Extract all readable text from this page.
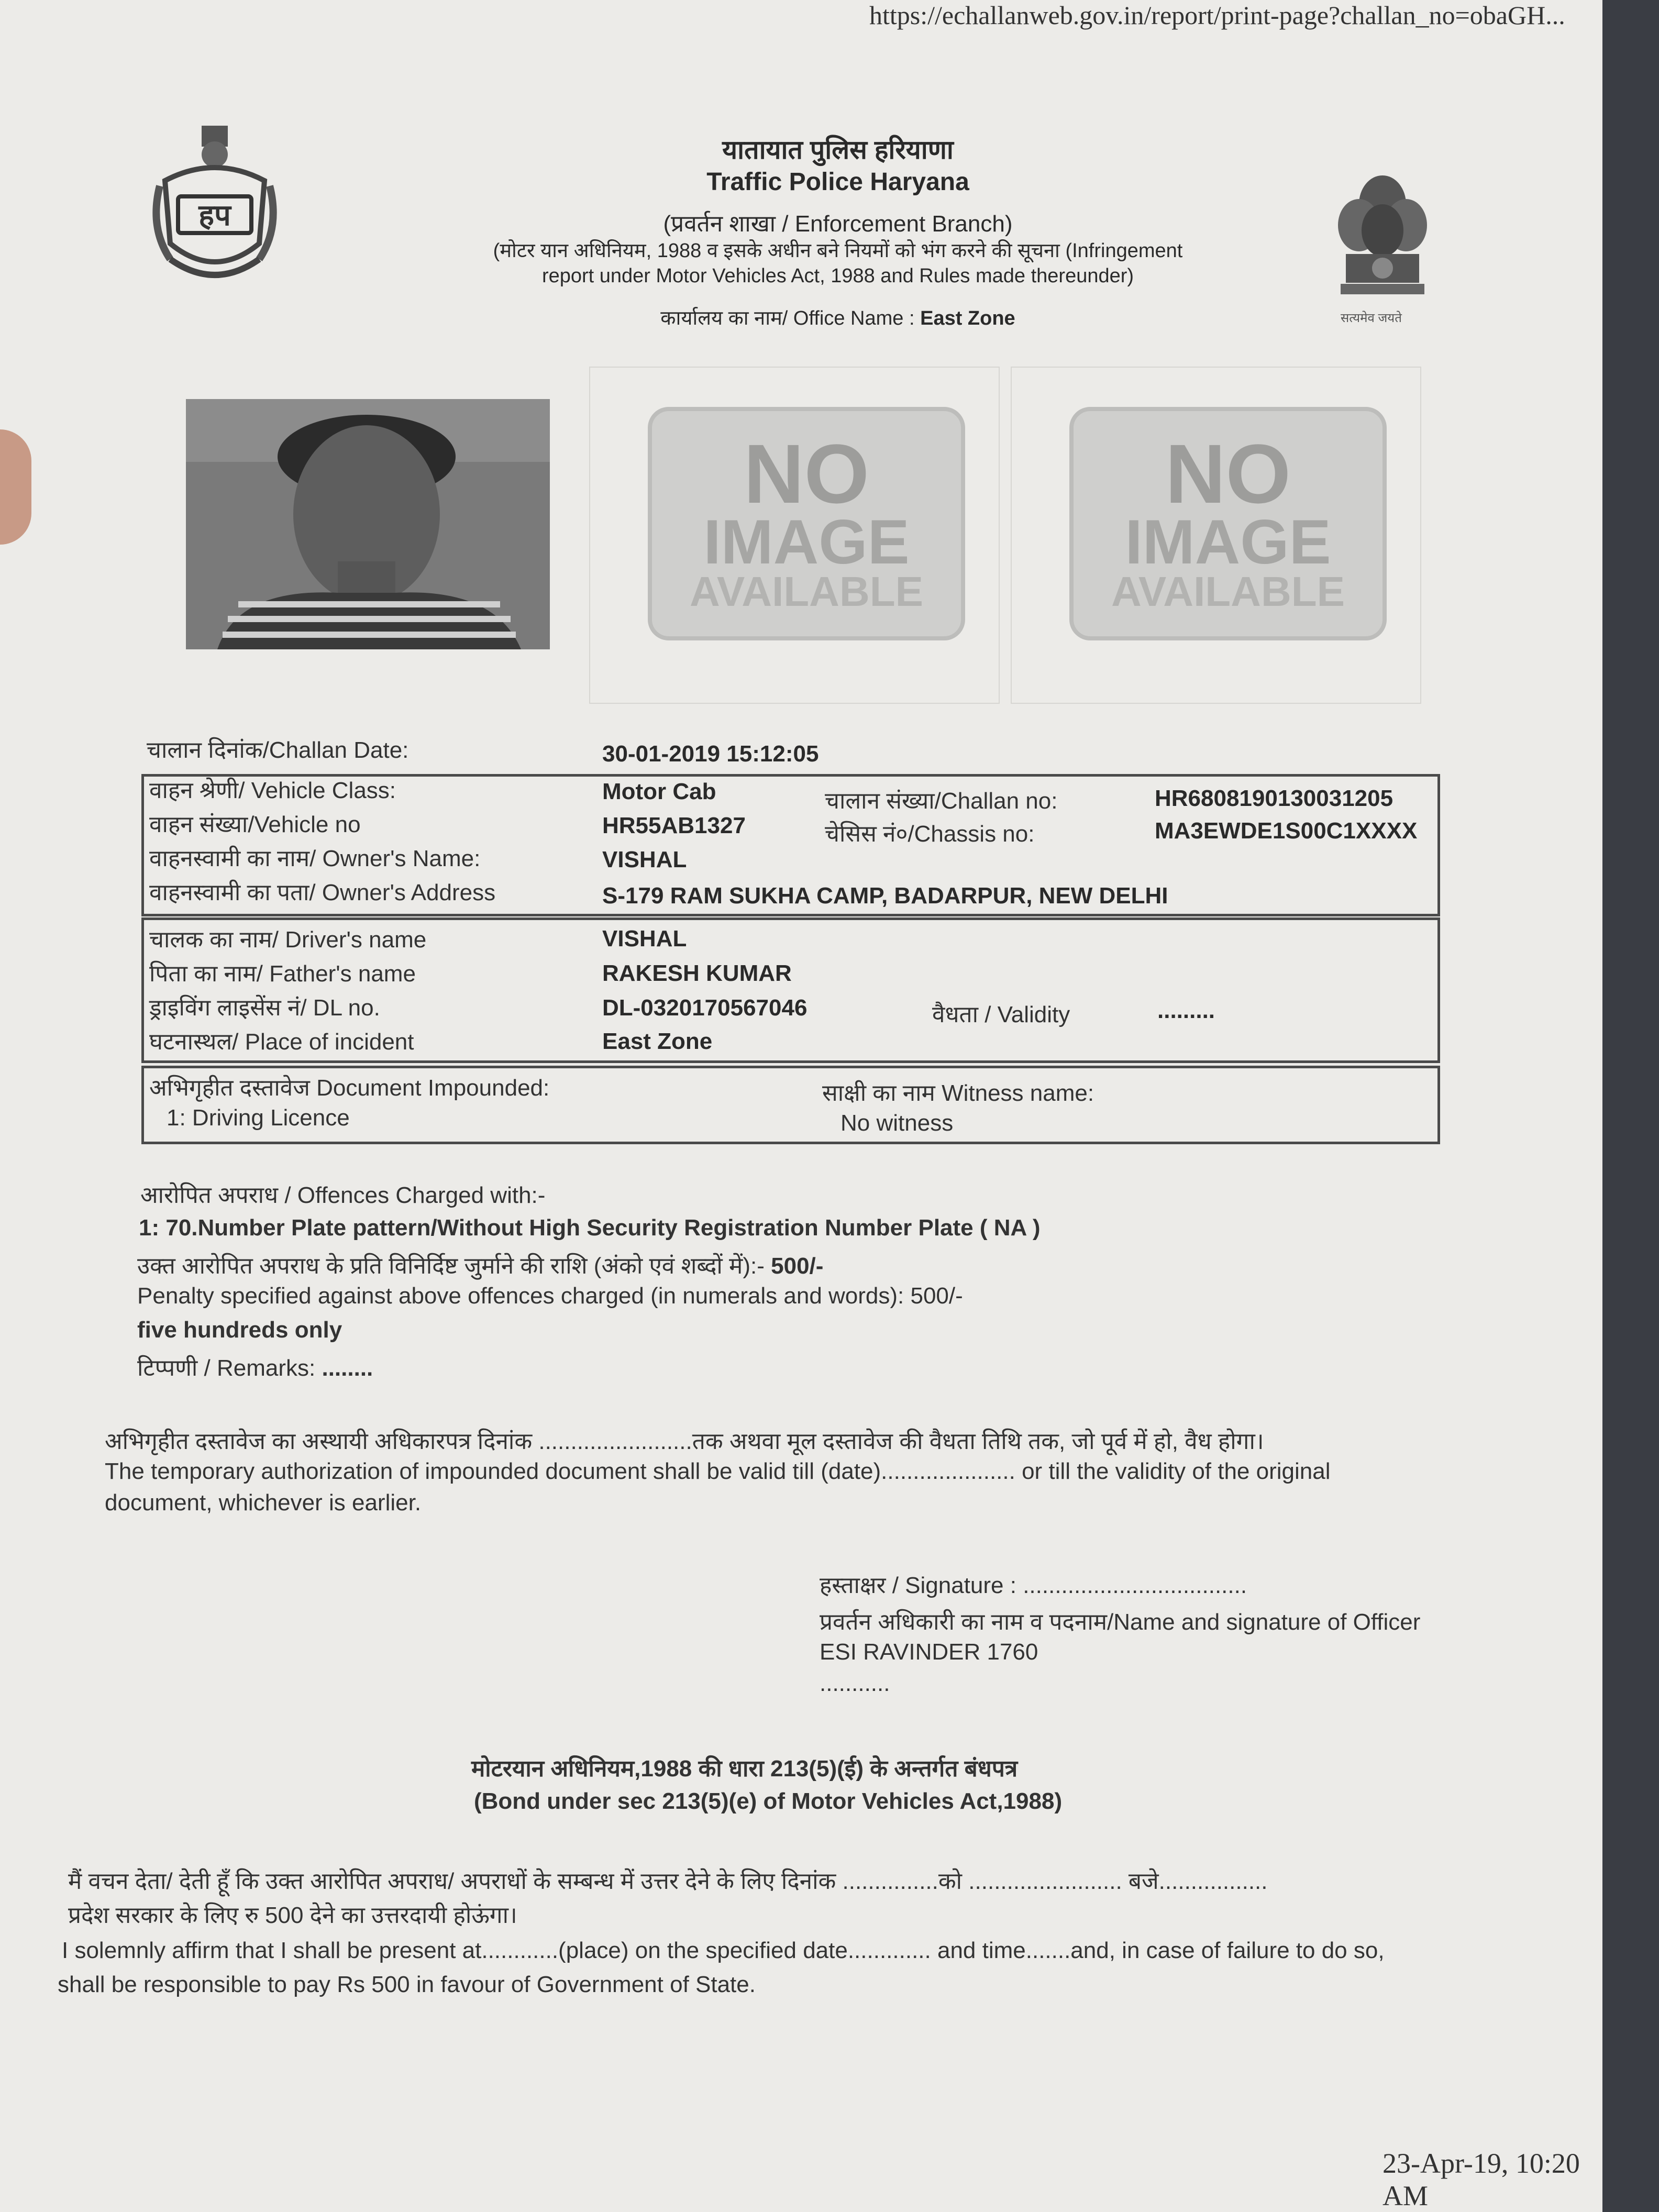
https://echallanweb.gov.in/report/print-page?challan_no=obaGH...
हप
यातायात पुलिस हरियाणा
Traffic Police Haryana
(प्रवर्तन शाखा / Enforcement Branch)
(मोटर यान अधिनियम, 1988 व इसके अधीन बने नियमों को भंग करने की सूचना (Infringement
report under Motor Vehicles Act, 1988 and Rules made thereunder)
कार्यालय का नाम/ Office Name : East Zone	सत्यमेव जयते
NO
IMAGE
AVAILABLE
NO
IMAGE
AVAILABLE
चालान दिनांक/Challan Date:	30-01-2019 15:12:05
वाहन श्रेणी/ Vehicle Class:	Motor Cab	चालान संख्या/Challan no:	HR6808190130031205
वाहन संख्या/Vehicle no	HR55AB1327	चेसिस नं०/Chassis no:	MA3EWDE1S00C1XXXX
वाहनस्वामी का नाम/ Owner's Name:	VISHAL
वाहनस्वामी का पता/ Owner's Address	S-179 RAM SUKHA CAMP, BADARPUR, NEW DELHI
चालक का नाम/ Driver's name	VISHAL
पिता का नाम/ Father's name	RAKESH KUMAR
ड्राइविंग लाइसेंस नं/ DL no.	DL-0320170567046	वैधता / Validity	.........
घटनास्थल/ Place of incident	East Zone
अभिगृहीत दस्तावेज Document Impounded:
1: Driving Licence
साक्षी का नाम Witness name:
No witness
आरोपित अपराध / Offences Charged with:-
1: 70.Number Plate pattern/Without High Security Registration Number Plate ( NA )
उक्त आरोपित अपराध के प्रति विनिर्दिष्ट जुर्माने की राशि (अंको एवं शब्दों में):- 500/-
Penalty specified against above offences charged (in numerals and words): 500/-
five hundreds only
टिप्पणी / Remarks: ........
अभिगृहीत दस्तावेज का अस्थायी अधिकारपत्र दिनांक ........................तक अथवा मूल दस्तावेज की वैधता तिथि तक, जो पूर्व में हो, वैध होगा।
The temporary authorization of impounded document shall be valid till (date)..................... or till the validity of the original
document, whichever is earlier.
हस्ताक्षर / Signature : ...................................
प्रवर्तन अधिकारी का नाम व पदनाम/Name and signature of Officer
ESI RAVINDER 1760
...........
मोटरयान अधिनियम,1988 की धारा 213(5)(ई) के अन्तर्गत बंधपत्र
(Bond under sec 213(5)(e) of Motor Vehicles Act,1988)
मैं वचन देता/ देती हूँ कि उक्त आरोपित अपराध/ अपराधों के सम्बन्ध में उत्तर देने के लिए दिनांक ...............को ........................ बजे.................
प्रदेश सरकार के लिए रु 500 देने का उत्तरदायी होऊंगा।
I solemnly affirm that I shall be present at............(place) on the specified date............. and time.......and, in case of failure to do so,
shall be responsible to pay Rs 500 in favour of Government of State.
23-Apr-19, 10:20 AM
